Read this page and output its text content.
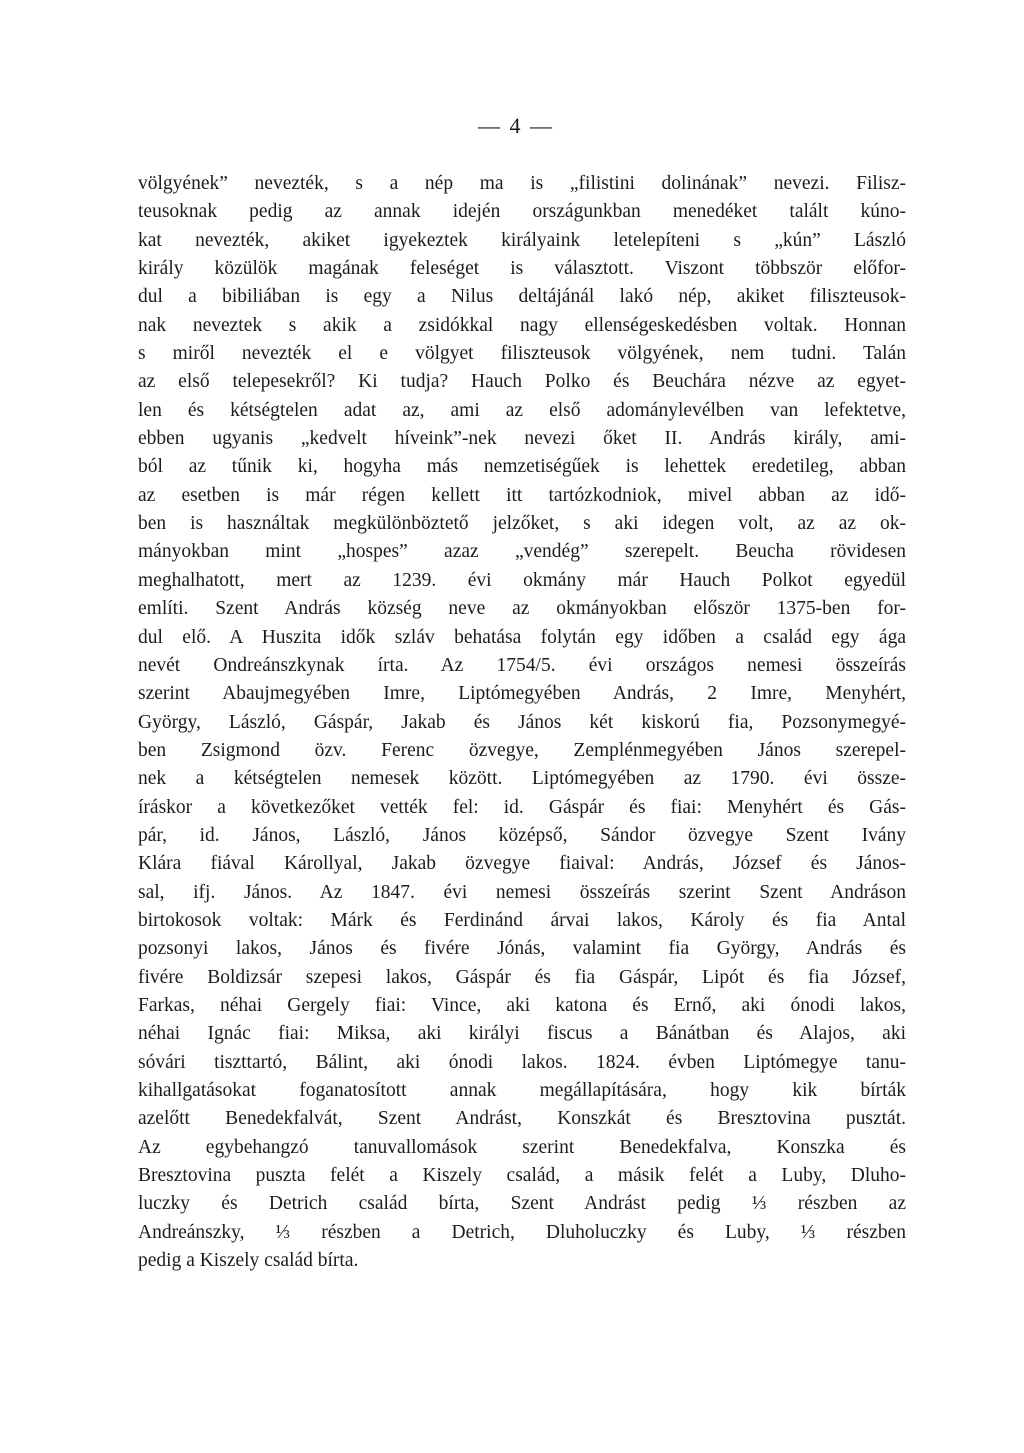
— 4 —
völgyének” nevezték, s a nép ma is „filistini dolinának” nevezi. Filisz-
teusoknak pedig az annak idején országunkban menedéket talált kúno-
kat nevezték, akiket igyekeztek királyaink letelepíteni s „kún” László
király közülök magának feleséget is választott. Viszont többször előfor-
dul a bibiliában is egy a Nilus deltájánál lakó nép, akiket filiszteusok-
nak neveztek s akik a zsidókkal nagy ellenségeskedésben voltak. Honnan
s miről nevezték el e völgyet filiszteusok völgyének, nem tudni. Talán
az első telepesekről? Ki tudja? Hauch Polko és Beuchára nézve az egyet-
len és kétségtelen adat az, ami az első adománylevélben van lefektetve,
ebben ugyanis „kedvelt híveink”-nek nevezi őket II. András király, ami-
ból az tűnik ki, hogyha más nemzetiségűek is lehettek eredetileg, abban
az esetben is már régen kellett itt tartózkodniok, mivel abban az idő-
ben is használtak megkülönböztető jelzőket, s aki idegen volt, az az ok-
mányokban mint „hospes” azaz „vendég” szerepelt. Beucha rövidesen
meghalhatott, mert az 1239. évi okmány már Hauch Polkot egyedül
említi. Szent András község neve az okmányokban először 1375-ben for-
dul elő. A Huszita idők szláv behatása folytán egy időben a család egy ága
nevét Ondreánszkynak írta. Az 1754/5. évi országos nemesi összeírás
szerint Abaujmegyében Imre, Liptómegyében András, 2 Imre, Menyhért,
György, László, Gáspár, Jakab és János két kiskorú fia, Pozsonymegyé-
ben Zsigmond özv. Ferenc özvegye, Zemplénmegyében János szerepel-
nek a kétségtelen nemesek között. Liptómegyében az 1790. évi össze-
íráskor a következőket vették fel: id. Gáspár és fiai: Menyhért és Gás-
pár, id. János, László, János középső, Sándor özvegye Szent Ivány
Klára fiával Károllyal, Jakab özvegye fiaival: András, József és János-
sal, ifj. János. Az 1847. évi nemesi összeírás szerint Szent Andráson
birtokosok voltak: Márk és Ferdinánd árvai lakos, Károly és fia Antal
pozsonyi lakos, János és fivére Jónás, valamint fia György, András és
fivére Boldizsár szepesi lakos, Gáspár és fia Gáspár, Lipót és fia József,
Farkas, néhai Gergely fiai: Vince, aki katona és Ernő, aki ónodi lakos,
néhai Ignác fiai: Miksa, aki királyi fiscus a Bánátban és Alajos, aki
sóvári tiszttartó, Bálint, aki ónodi lakos. 1824. évben Liptómegye tanu-
kihallgatásokat foganatosított annak megállapítására, hogy kik bírták
azelőtt Benedekfalvát, Szent Andrást, Konszkát és Bresztovina pusztát.
Az egybehangzó tanuvallomások szerint Benedekfalva, Konszka és
Bresztovina puszta felét a Kiszely család, a másik felét a Luby, Dluho-
luczky és Detrich család bírta, Szent Andrást pedig ⅓ részben az
Andreánszky, ⅓ részben a Detrich, Dluholuczky és Luby, ⅓ részben
pedig a Kiszely család bírta.
